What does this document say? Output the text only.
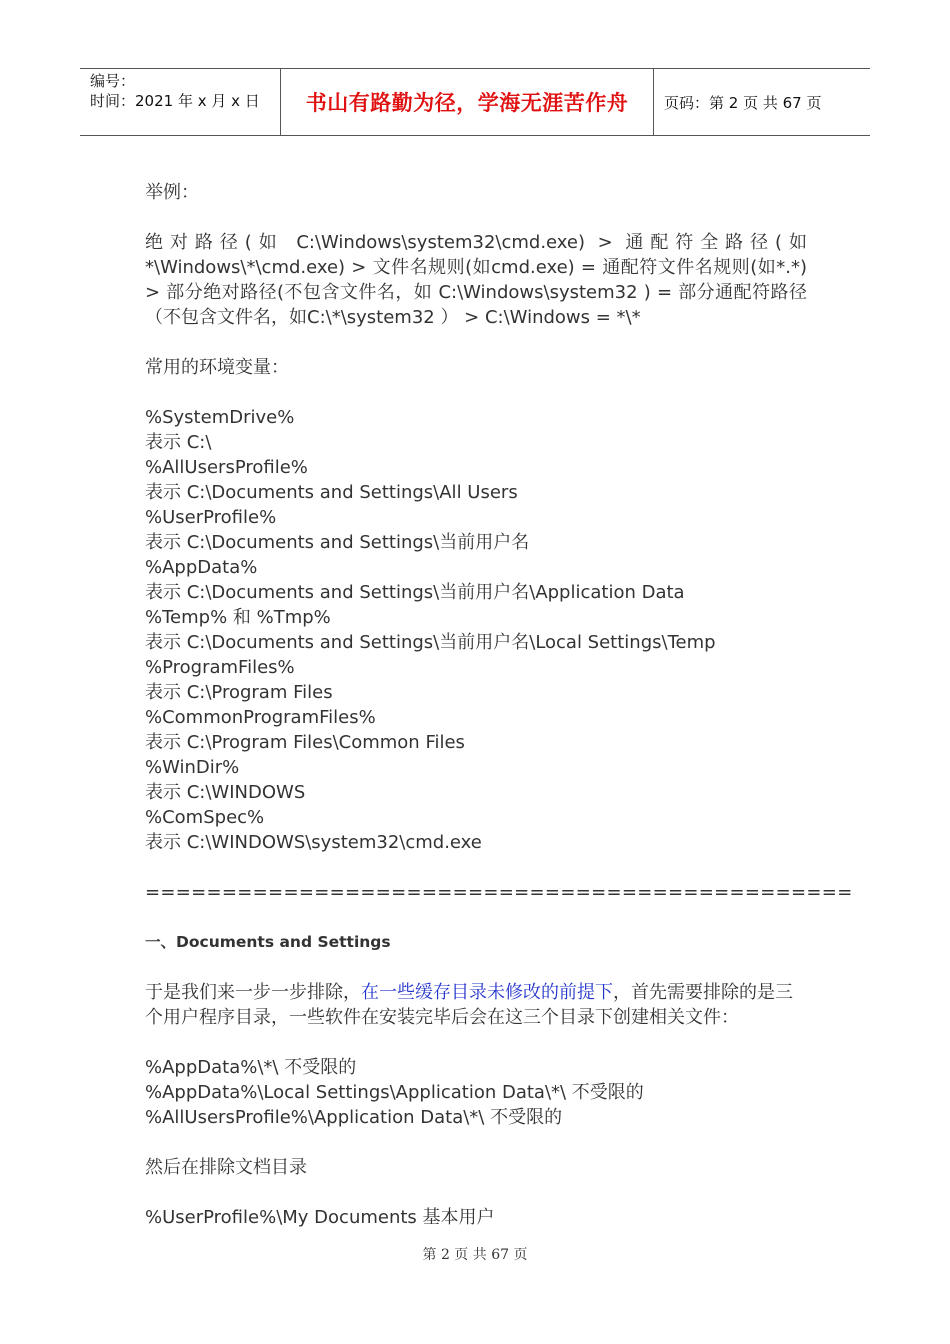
编号：
时间：2021 年 x 月 x 日	书山有路勤为径，学海无涯苦作舟	页码：第 2 页 共 67 页

举例：

绝对路径(如 C:\Windows\system32\cmd.exe) > 通配符全路径(如*\Windows\*\cmd.exe) > 文件名规则(如cmd.exe) = 通配符文件名规则(如*.*) > 部分绝对路径(不包含文件名，如 C:\Windows\system32 ) = 部分通配符路径（不包含文件名，如C:\*\system32 ） > C:\Windows = *\*

常用的环境变量：

%SystemDrive%

表示 C:\

%AllUsersProfile%

表示 C:\Documents and Settings\All Users

%UserProfile%

表示 C:\Documents and Settings\当前用户名

%AppData%

表示 C:\Documents and Settings\当前用户名\Application Data

%Temp% 和 %Tmp%

表示 C:\Documents and Settings\当前用户名\Local Settings\Temp

%ProgramFiles%

表示 C:\Program Files

%CommonProgramFiles%

表示 C:\Program Files\Common Files

%WinDir%

表示 C:\WINDOWS

%ComSpec%

表示 C:\WINDOWS\system32\cmd.exe

==============================================

一、Documents and Settings

于是我们来一步一步排除，在一些缓存目录未修改的前提下，首先需要排除的是三个用户程序目录，一些软件在安装完毕后会在这三个目录下创建相关文件：

%AppData%\*\ 不受限的

%AppData%\Local Settings\Application Data\*\ 不受限的

%AllUsersProfile%\Application Data\*\ 不受限的

然后在排除文档目录

%UserProfile%\My Documents 基本用户

第 2 页 共 67 页
